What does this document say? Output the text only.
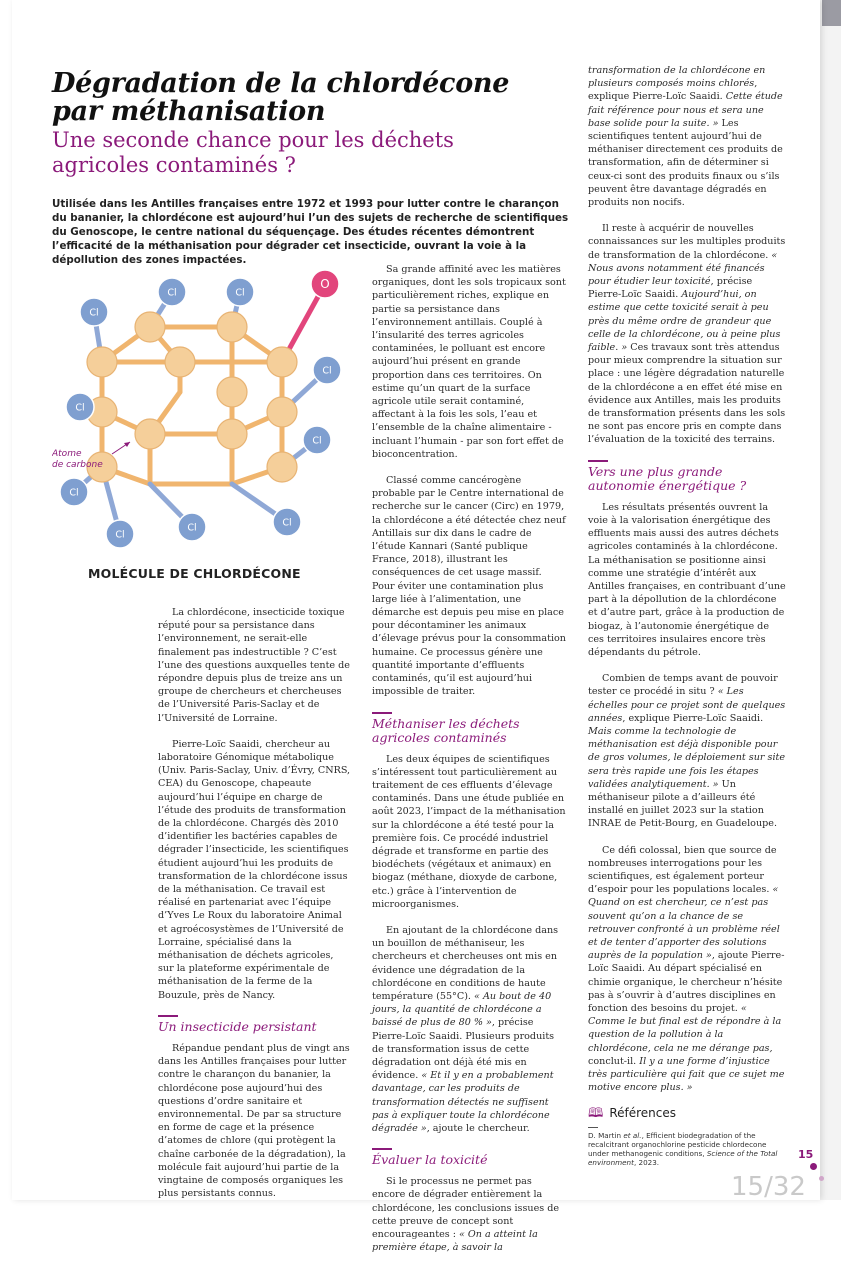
Dégradation de la chlordécone par méthanisation
Une seconde chance pour les déchets agricoles contaminés ?
Utilisée dans les Antilles françaises entre 1972 et 1993 pour lutter contre le charançon du bananier, la chlordécone est aujourd’hui l’un des sujets de recherche de scientifiques du Genoscope, le centre national du séquençage. Des études récentes démontrent l’efficacité de la méthanisation pour dégrader cet insecticide, ouvrant la voie à la dépollution des zones impactées.
Cl	Cl
Cl
Cl
Cl
Cl
Cl
Cl
Cl	Cl
O
Atome
de carbone
MOLÉCULE DE CHLORDÉCONE

La chlordécone, insecticide toxique réputé pour sa persistance dans l’environnement, ne serait-elle finalement pas indestructible ? C’est l’une des questions auxquelles tente de répondre depuis plus de treize ans un groupe de chercheurs et chercheuses de l’Université Paris-Saclay et de l’Université de Lorraine.

Pierre-Loïc Saaidi, chercheur au laboratoire Génomique métabolique (Univ. Paris-Saclay, Univ. d’Évry, CNRS, CEA) du Genoscope, chapeaute aujourd’hui l’équipe en charge de l’étude des produits de transformation de la chlordécone. Chargés dès 2010 d’identifier les bactéries capables de dégrader l’insecticide, les scientifiques étudient aujourd’hui les produits de transformation de la chlordécone issus de la méthanisation. Ce travail est réalisé en partenariat avec l’équipe d’Yves Le Roux du laboratoire Animal et agroécosystèmes de l’Université de Lorraine, spécialisé dans la méthanisation de déchets agricoles, sur la plateforme expérimentale de méthanisation de la ferme de la Bouzule, près de Nancy.

Un insecticide persistant

Répandue pendant plus de vingt ans dans les Antilles françaises pour lutter contre le charançon du bananier, la chlordécone pose aujourd’hui des questions d’ordre sanitaire et environnemental. De par sa structure en forme de cage et la présence d’atomes de chlore (qui protègent la chaîne carbonée de la dégradation), la molécule fait aujourd’hui partie de la vingtaine de composés organiques les plus persistants connus.

Sa grande affinité avec les matières organiques, dont les sols tropicaux sont particulièrement riches, explique en partie sa persistance dans l’environnement antillais. Couplé à l’insularité des terres agricoles contaminées, le polluant est encore aujourd’hui présent en grande proportion dans ces territoires. On estime qu’un quart de la surface agricole utile serait contaminé, affectant à la fois les sols, l’eau et l’ensemble de la chaîne alimentaire - incluant l’humain - par son fort effet de bioconcentration.

Classé comme cancérogène probable par le Centre international de recherche sur le cancer (Circ) en 1979, la chlordécone a été détectée chez neuf Antillais sur dix dans le cadre de l’étude Kannari (Santé publique France, 2018), illustrant les conséquences de cet usage massif. Pour éviter une contamination plus large liée à l’alimentation, une démarche est depuis peu mise en place pour décontaminer les animaux d’élevage prévus pour la consommation humaine. Ce processus génère une quantité importante d’effluents contaminés, qu’il est aujourd’hui impossible de traiter.

Méthaniser les déchets agricoles contaminés

Les deux équipes de scientifiques s’intéressent tout particulièrement au traitement de ces effluents d’élevage contaminés. Dans une étude publiée en août 2023, l’impact de la méthanisation sur la chlordécone a été testé pour la première fois. Ce procédé industriel dégrade et transforme en partie des biodéchets (végétaux et animaux) en biogaz (méthane, dioxyde de carbone, etc.) grâce à l’intervention de microorganismes.

En ajoutant de la chlordécone dans un bouillon de méthaniseur, les chercheurs et chercheuses ont mis en évidence une dégradation de la chlordécone en conditions de haute température (55°C). « Au bout de 40 jours, la quantité de chlordécone a baissé de plus de 80 % », précise Pierre-Loïc Saaidi. Plusieurs produits de transformation issus de cette dégradation ont déjà été mis en évidence. « Et il y en a probablement davantage, car les produits de transformation détectés ne suffisent pas à expliquer toute la chlordécone dégradée », ajoute le chercheur.

Évaluer la toxicité

Si le processus ne permet pas encore de dégrader entièrement la chlordécone, les conclusions issues de cette preuve de concept sont encourageantes : « On a atteint la première étape, à savoir la

transformation de la chlordécone en plusieurs composés moins chlorés, explique Pierre-Loïc Saaidi. Cette étude fait référence pour nous et sera une base solide pour la suite. » Les scientifiques tentent aujourd’hui de méthaniser directement ces produits de transformation, afin de déterminer si ceux-ci sont des produits finaux ou s’ils peuvent être davantage dégradés en produits non nocifs.

Il reste à acquérir de nouvelles connaissances sur les multiples produits de transformation de la chlordécone. « Nous avons notamment été financés pour étudier leur toxicité, précise Pierre-Loïc Saaidi. Aujourd’hui, on estime que cette toxicité serait à peu près du même ordre de grandeur que celle de la chlordécone, ou à peine plus faible. » Ces travaux sont très attendus pour mieux comprendre la situation sur place : une légère dégradation naturelle de la chlordécone a en effet été mise en évidence aux Antilles, mais les produits de transformation présents dans les sols ne sont pas encore pris en compte dans l’évaluation de la toxicité des terrains.

Vers une plus grande autonomie énergétique ?

Les résultats présentés ouvrent la voie à la valorisation énergétique des effluents mais aussi des autres déchets agricoles contaminés à la chlordécone. La méthanisation se positionne ainsi comme une stratégie d’intérêt aux Antilles françaises, en contribuant d’une part à la dépollution de la chlordécone et d’autre part, grâce à la production de biogaz, à l’autonomie énergétique de ces territoires insulaires encore très dépendants du pétrole.

Combien de temps avant de pouvoir tester ce procédé in situ ? « Les échelles pour ce projet sont de quelques années, explique Pierre-Loïc Saaidi. Mais comme la technologie de méthanisation est déjà disponible pour de gros volumes, le déploiement sur site sera très rapide une fois les étapes validées analytiquement. » Un méthaniseur pilote a d’ailleurs été installé en juillet 2023 sur la station INRAE de Petit-Bourg, en Guadeloupe.

Ce défi colossal, bien que source de nombreuses interrogations pour les scientifiques, est également porteur d’espoir pour les populations locales. « Quand on est chercheur, ce n’est pas souvent qu’on a la chance de se retrouver confronté à un problème réel et de tenter d’apporter des solutions auprès de la population », ajoute Pierre-Loïc Saaidi. Au départ spécialisé en chimie organique, le chercheur n’hésite pas à s’ouvrir à d’autres disciplines en fonction des besoins du projet. « Comme le but final est de répondre à la question de la pollution à la chlordécone, cela ne me dérange pas, conclut-il. Il y a une forme d’injustice très particulière qui fait que ce sujet me motive encore plus. »

🕮 Références
D. Martin et al., Efficient biodegradation of the recalcitrant organochlorine pesticide chlordecone under methanogenic conditions, Science of the Total environment, 2023.
15
15/32
